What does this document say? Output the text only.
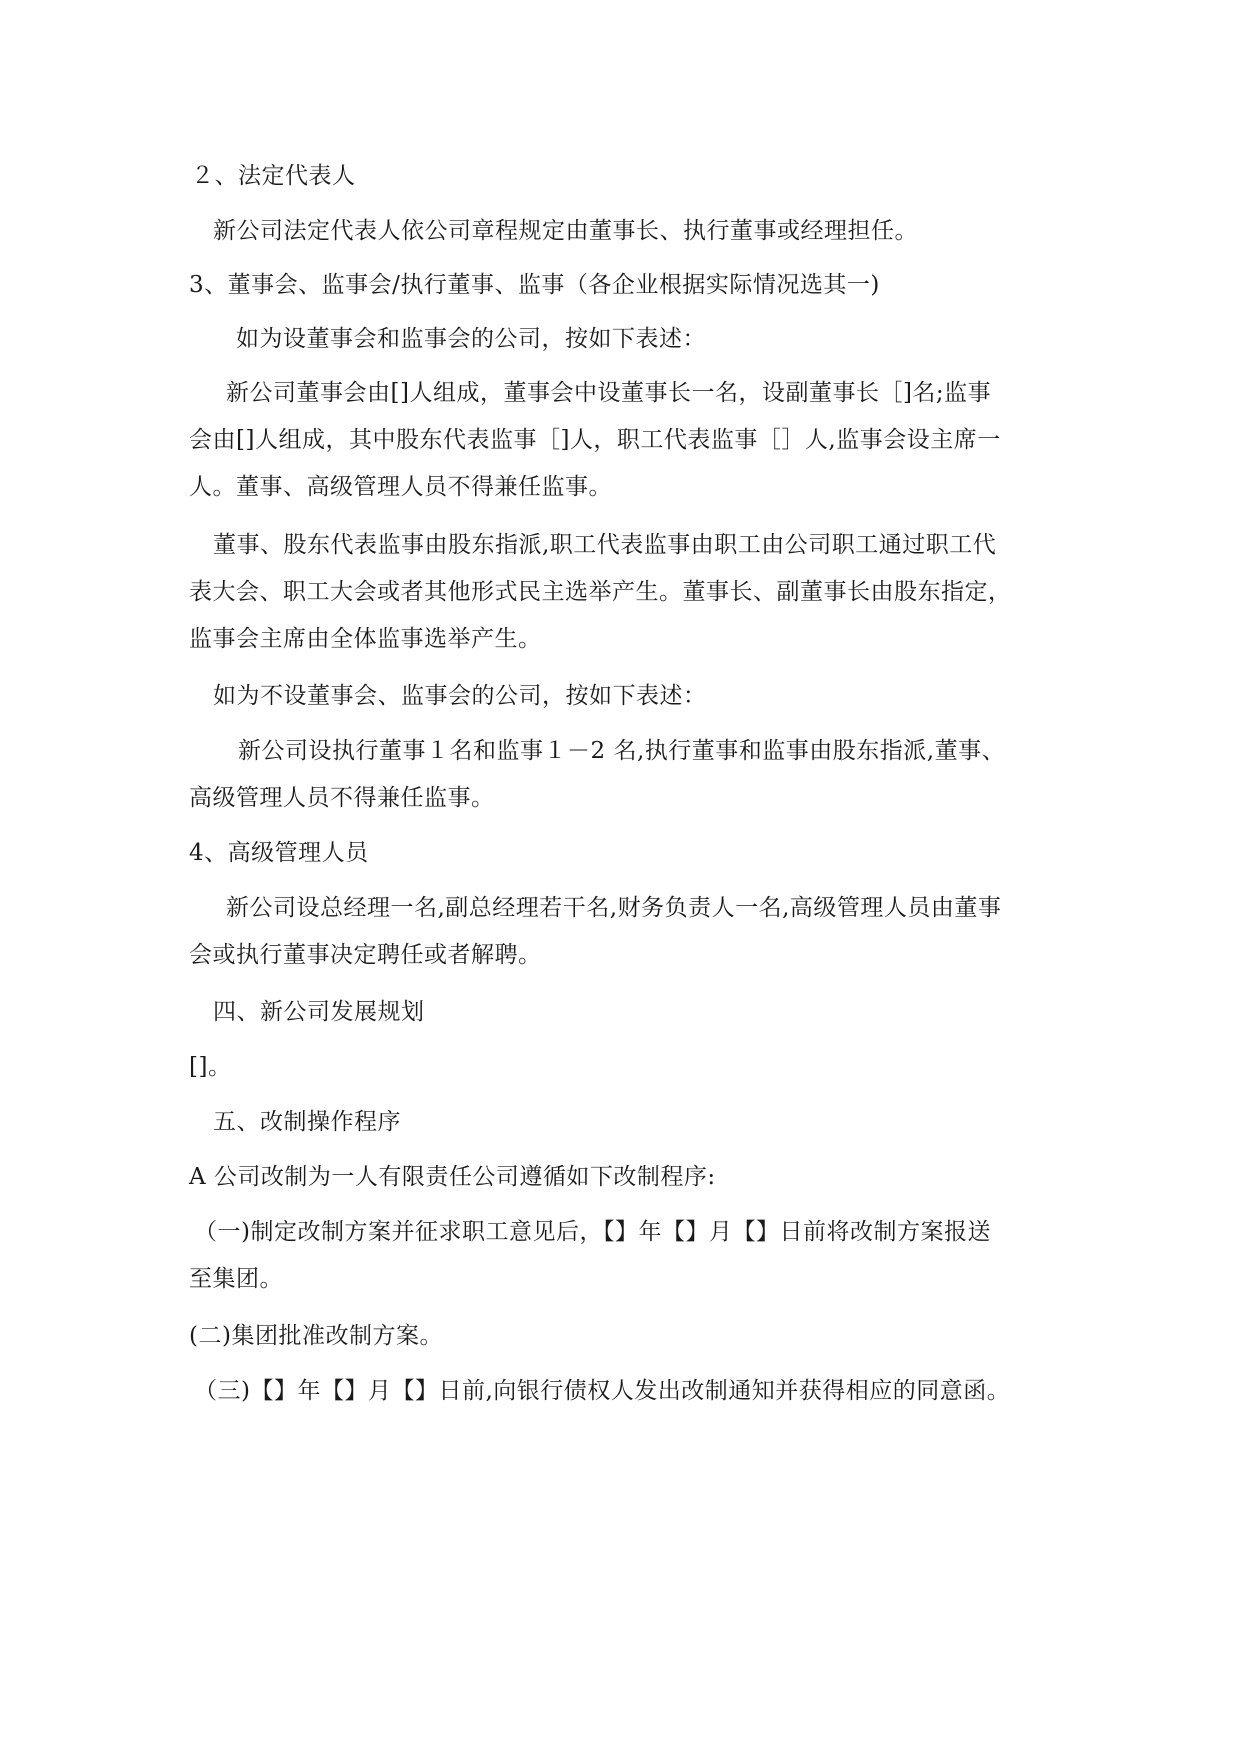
２、法定代表人
新公司法定代表人依公司章程规定由董事长、执行董事或经理担任。
3、董事会、监事会/执行董事、监事（各企业根据实际情况选其一)
如为设董事会和监事会的公司，按如下表述：
新公司董事会由[]人组成，董事会中设董事长一名，设副董事长［]名;监事
会由[]人组成，其中股东代表监事［]人，职工代表监事［］人,监事会设主席一
人。董事、高级管理人员不得兼任监事。
董事、股东代表监事由股东指派,职工代表监事由职工由公司职工通过职工代
表大会、职工大会或者其他形式民主选举产生。董事长、副董事长由股东指定，
监事会主席由全体监事选举产生。
如为不设董事会、监事会的公司，按如下表述：
新公司设执行董事１名和监事１－2 名,执行董事和监事由股东指派,董事、
高级管理人员不得兼任监事。
4、高级管理人员
新公司设总经理一名,副总经理若干名,财务负责人一名,高级管理人员由董事
会或执行董事决定聘任或者解聘。
四、新公司发展规划
[]。
五、改制操作程序
A 公司改制为一人有限责任公司遵循如下改制程序:
（一)制定改制方案并征求职工意见后，【】年【】月【】日前将改制方案报送
至集团。
(二)集团批准改制方案。
（三)【】年【】月【】日前,向银行债权人发出改制通知并获得相应的同意函。
